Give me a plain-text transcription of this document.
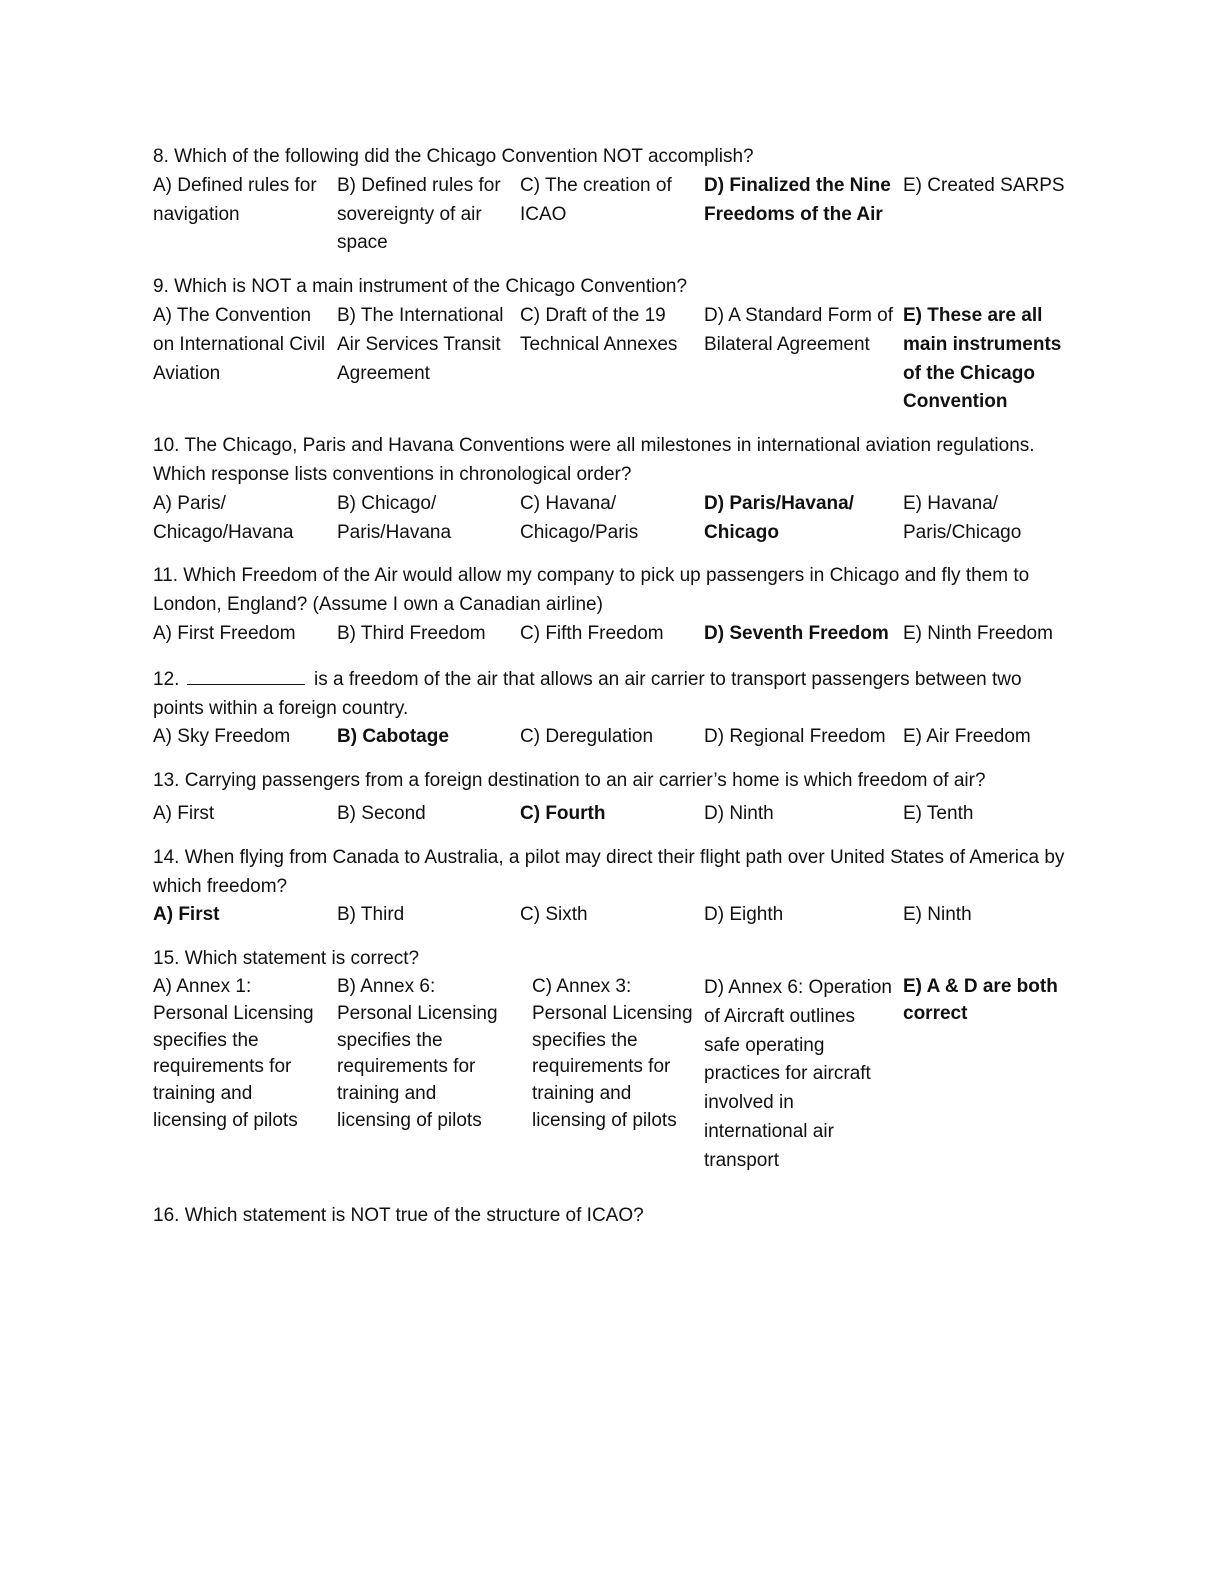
8. Which of the following did the Chicago Convention NOT accomplish?

A) Defined rules for navigation
B) Defined rules for sovereignty of air space
C) The creation of ICAO
D) Finalized the Nine Freedoms of the Air
E) Created SARPS

9. Which is NOT a main instrument of the Chicago Convention?

A) The Convention on International Civil Aviation
B) The International Air Services Transit Agreement
C) Draft of the 19 Technical Annexes
D) A Standard Form of Bilateral Agreement
E) These are all main instruments of the Chicago Convention

10. The Chicago, Paris and Havana Conventions were all milestones in international aviation regulations. Which response lists conventions in chronological order?

A) Paris/ Chicago/Havana
B) Chicago/ Paris/Havana
C) Havana/ Chicago/Paris
D) Paris/Havana/ Chicago
E) Havana/ Paris/Chicago

11. Which Freedom of the Air would allow my company to pick up passengers in Chicago and fly them to London, England? (Assume I own a Canadian airline)

A) First Freedom	B) Third Freedom	C) Fifth Freedom	D) Seventh Freedom E) Ninth Freedom

12.	is a freedom of the air that allows an air carrier to transport passengers between two points within a foreign country.

A) Sky Freedom	B) Cabotage	C) Deregulation	D) Regional Freedom E) Air Freedom

13. Carrying passengers from a foreign destination to an air carrier’s home is which freedom of air?

A) First	B) Second	C) Fourth	D) Ninth	E) Tenth

14. When flying from Canada to Australia, a pilot may direct their flight path over United States of America by which freedom?

A) First	B) Third	C) Sixth	D) Eighth	E) Ninth

15. Which statement is correct?

A) Annex 1: Personal Licensing specifies the requirements for training and licensing of pilots
B) Annex 6: Personal Licensing specifies the requirements for training and licensing of pilots
C) Annex 3: Personal Licensing specifies the requirements for training and licensing of pilots
D) Annex 6: Operation of Aircraft outlines safe operating practices for aircraft involved in international air transport
E) A & D are both correct

16. Which statement is NOT true of the structure of ICAO?
